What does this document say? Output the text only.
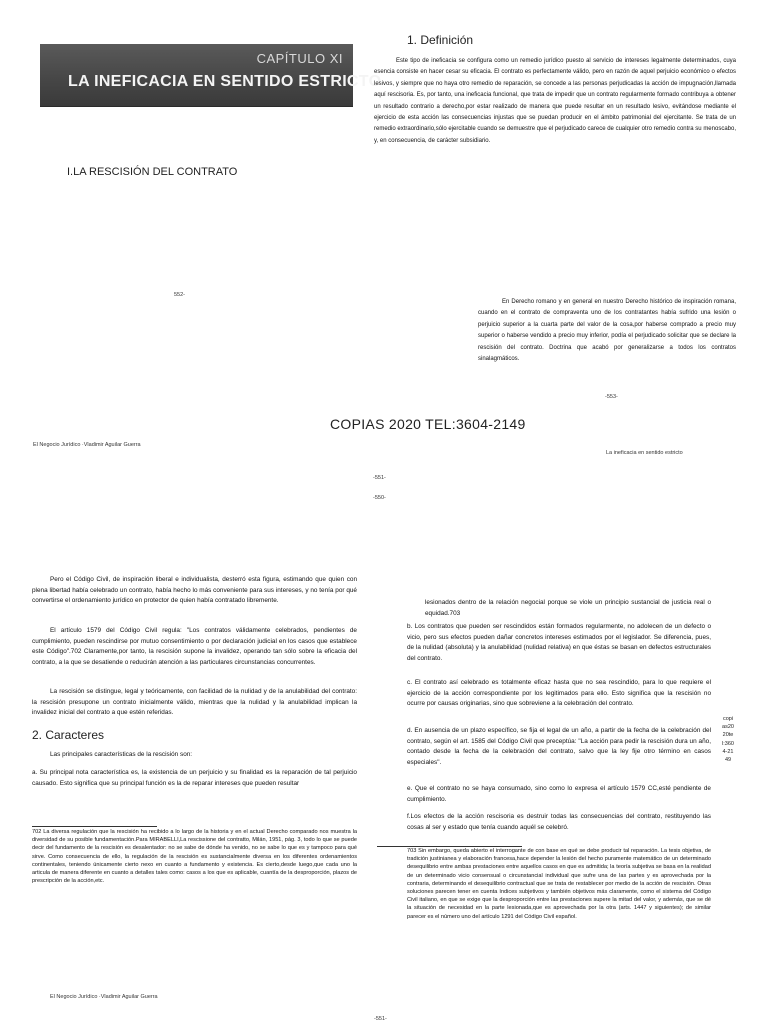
CAPÍTULO XI
LA INEFICACIA EN SENTIDO ESTRICTO
1. Definición
Este tipo de ineficacia se configura como un remedio jurídico puesto al servicio de intereses legalmente determinados, cuya esencia consiste en hacer cesar su eficacia. El contrato es perfectamente válido, pero en razón de aquel perjuicio económico o efectos lesivos, y siempre que no haya otro remedio de reparación, se concede a las personas perjudicadas la acción de impugnación,llamada aquí rescisoria. Es, por tanto, una ineficacia funcional, que trata de impedir que un contrato regularmente formado contribuya a obtener un resultado contrario a derecho,por estar realizado de manera que puede resultar en un resultado lesivo, evitándose mediante el ejercicio de esta acción las consecuencias injustas que se puedan producir en el ámbito patrimonial del ejercitante. Se trata de un remedio extraordinario,sólo ejercitable cuando se demuestre que el perjudicado carece de cualquier otro remedio contra su menoscabo, y, en consecuencia, de carácter subsidiario.
I.LA RESCISIÓN DEL CONTRATO
552-
En Derecho romano y en general en nuestro Derecho histórico de inspiración romana, cuando en el contrato de compraventa uno de los contratantes había sufrido una lesión o perjuicio superior a la cuarta parte del valor de la cosa,por haberse comprado a precio muy superior o haberse vendido a precio muy inferior, podía el perjudicado solicitar que se declare la rescisión del contrato. Doctrina que acabó por generalizarse a todos los contratos sinalagmáticos.
-553-
COPIAS 2020 TEL:3604-2149
El Negocio Jurídico ·Vladimir Aguilar Guerra
La ineficacia en sentido estricto
-551-
-550-
Pero el Código Civil, de inspiración liberal e individualista, desterró esta figura, estimando que quien con plena libertad había celebrado un contrato, había hecho lo más conveniente para sus intereses, y no tenía por qué convertirse el ordenamiento jurídico en protector de quien había contratado libremente.
El artículo 1579 del Código Civil regula: "Los contratos válidamente celebrados, pendientes de cumplimiento, pueden rescindirse por mutuo consentimiento o por declaración judicial en los casos que establece este Código".702 Claramente,por tanto, la rescisión supone la invalidez, operando tan sólo sobre la eficacia del contrato, a la que se desatiende o reducirán atención a las particulares circunstancias concurrentes.
La rescisión se distingue, legal y teóricamente, con facilidad de la nulidad y de la anulabilidad del contrato: la rescisión presupone un contrato inicialmente válido, mientras que la nulidad y la anulabilidad implican la invalidez inicial del contrato a que estén referidas.
2. Caracteres
Las principales características de la rescisión son:
a. Su principal nota característica es, la existencia de un perjuicio y su finalidad es la reparación de tal perjuicio causado. Esto significa que su principal función es la de reparar intereses que pueden resultar
702 La diversa regulación que la rescisión ha recibido a lo largo de la historia y en el actual Derecho comparado nos muestra la diversidad de su posible fundamentación.Para MIRABELLI,La rescissione del contratto, Milán, 1951, pág. 3, todo lo que se puede decir del fundamento de la rescisión es desalentador: no se sabe de dónde ha venido, no se sabe lo que es y tampoco para qué sirve. Como consecuencia de ello, la regulación de la rescisión es sustancialmente diversa en los diferentes ordenamientos continentales, teniendo únicamente cierto nexo en cuanto a fundamento y existencia. Es cierto,desde luego,que cada uno la articula de manera diferente en cuanto a detalles tales como: casos a los que es aplicable, cuantía de la desproporción, plazos de prescripción de la acción,etc.
El Negocio Jurídico ·Vladimir Aguilar Guerra
lesionados dentro de la relación negocial porque se viole un principio sustancial de justicia real o equidad.703
b. Los contratos que pueden ser rescindidos están formados regularmente, no adolecen de un defecto o vicio, pero sus efectos pueden dañar concretos intereses estimados por el legislador. Se diferencia, pues, de la nulidad (absoluta) y la anulabilidad (nulidad relativa) en que éstas se basan en defectos estructurales del contrato.
c. El contrato así celebrado es totalmente eficaz hasta que no sea rescindido, para lo que requiere el ejercicio de la acción correspondiente por los legitimados para ello. Esto significa que la rescisión no ocurre por causas originarias, sino que sobreviene a la celebración del contrato.
d. En ausencia de un plazo específico, se fija el legal de un año, a partir de la fecha de la celebración del contrato, según el art. 1585 del Código Civil que preceptúa: "La acción para pedir la rescisión dura un año, contado desde la fecha de la celebración del contrato, salvo que la ley fije otro término en casos especiales".
e. Que el contrato no se haya consumado, sino como lo expresa el artículo 1579 CC,esté pendiente de cumplimiento.
f.Los efectos de la acción rescisoria es destruir todas las consecuencias del contrato, restituyendo las cosas al ser y estado que tenía cuando aquél se celebró.
copias2020tel:3604-2149
703 Sin embargo, queda abierto el interrogante de con base en qué se debe producir tal reparación. La tesis objetiva, de tradición justinianea y elaboración francesa,hace depender la lesión del hecho puramente matemático de un determinado desequilibrio entre ambas prestaciones entre aquellos casos en que es admitida; la teoría subjetiva se basa en la realidad de un determinado vicio consensual o circunstancial individual que sufre una de las partes y es aprovechada por la contraria, determinando el desequilibrio contractual que se trata de restablecer por medio de la acción de rescisión. Otras soluciones parecen tener en cuenta índices subjetivos y también objetivos más claramente, como el sistema del Código Civil italiano, en que se exige que la desproporción entre las prestaciones supere la mitad del valor, y además, que se dé la situación de necesidad en la parte lesionada,que es aprovechada por la otra (arts. 1447 y siguientes); de similar parecer es el número uno del artículo 1291 del Código Civil español.
-551-
